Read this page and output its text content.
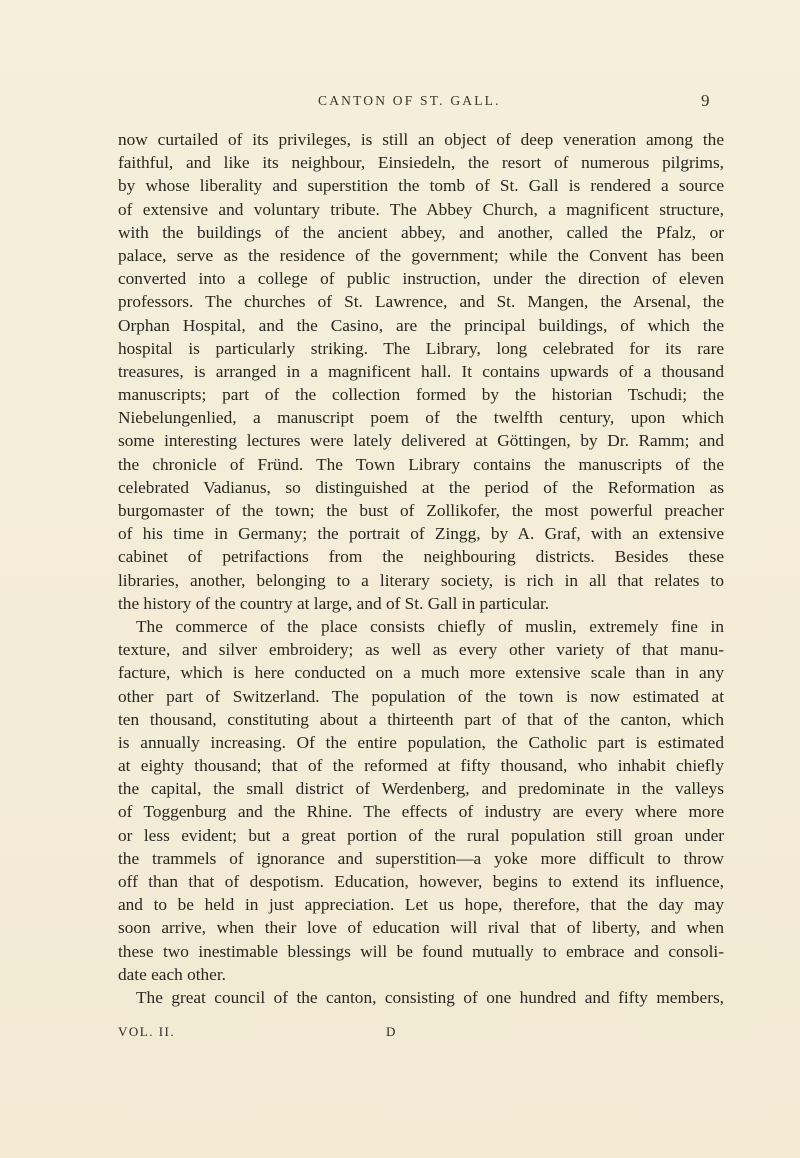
CANTON OF ST. GALL.	9
now curtailed of its privileges, is still an object of deep veneration among the
faithful, and like its neighbour, Einsiedeln, the resort of numerous pilgrims,
by whose liberality and superstition the tomb of St. Gall is rendered a source
of extensive and voluntary tribute. The Abbey Church, a magnificent structure,
with the buildings of the ancient abbey, and another, called the Pfalz, or
palace, serve as the residence of the government; while the Convent has been
converted into a college of public instruction, under the direction of eleven
professors. The churches of St. Lawrence, and St. Mangen, the Arsenal, the
Orphan Hospital, and the Casino, are the principal buildings, of which the
hospital is particularly striking. The Library, long celebrated for its rare
treasures, is arranged in a magnificent hall. It contains upwards of a thousand
manuscripts; part of the collection formed by the historian Tschudi; the
Niebelungenlied, a manuscript poem of the twelfth century, upon which
some interesting lectures were lately delivered at Göttingen, by Dr. Ramm; and
the chronicle of Fründ. The Town Library contains the manuscripts of the
celebrated Vadianus, so distinguished at the period of the Reformation as
burgomaster of the town; the bust of Zollikofer, the most powerful preacher
of his time in Germany; the portrait of Zingg, by A. Graf, with an extensive
cabinet of petrifactions from the neighbouring districts. Besides these
libraries, another, belonging to a literary society, is rich in all that relates to
the history of the country at large, and of St. Gall in particular.
The commerce of the place consists chiefly of muslin, extremely fine in
texture, and silver embroidery; as well as every other variety of that manu-
facture, which is here conducted on a much more extensive scale than in any
other part of Switzerland. The population of the town is now estimated at
ten thousand, constituting about a thirteenth part of that of the canton, which
is annually increasing. Of the entire population, the Catholic part is estimated
at eighty thousand; that of the reformed at fifty thousand, who inhabit chiefly
the capital, the small district of Werdenberg, and predominate in the valleys
of Toggenburg and the Rhine. The effects of industry are every where more
or less evident; but a great portion of the rural population still groan under
the trammels of ignorance and superstition—a yoke more difficult to throw
off than that of despotism. Education, however, begins to extend its influence,
and to be held in just appreciation. Let us hope, therefore, that the day may
soon arrive, when their love of education will rival that of liberty, and when
these two inestimable blessings will be found mutually to embrace and consoli-
date each other.
The great council of the canton, consisting of one hundred and fifty members,
VOL. II.	D
